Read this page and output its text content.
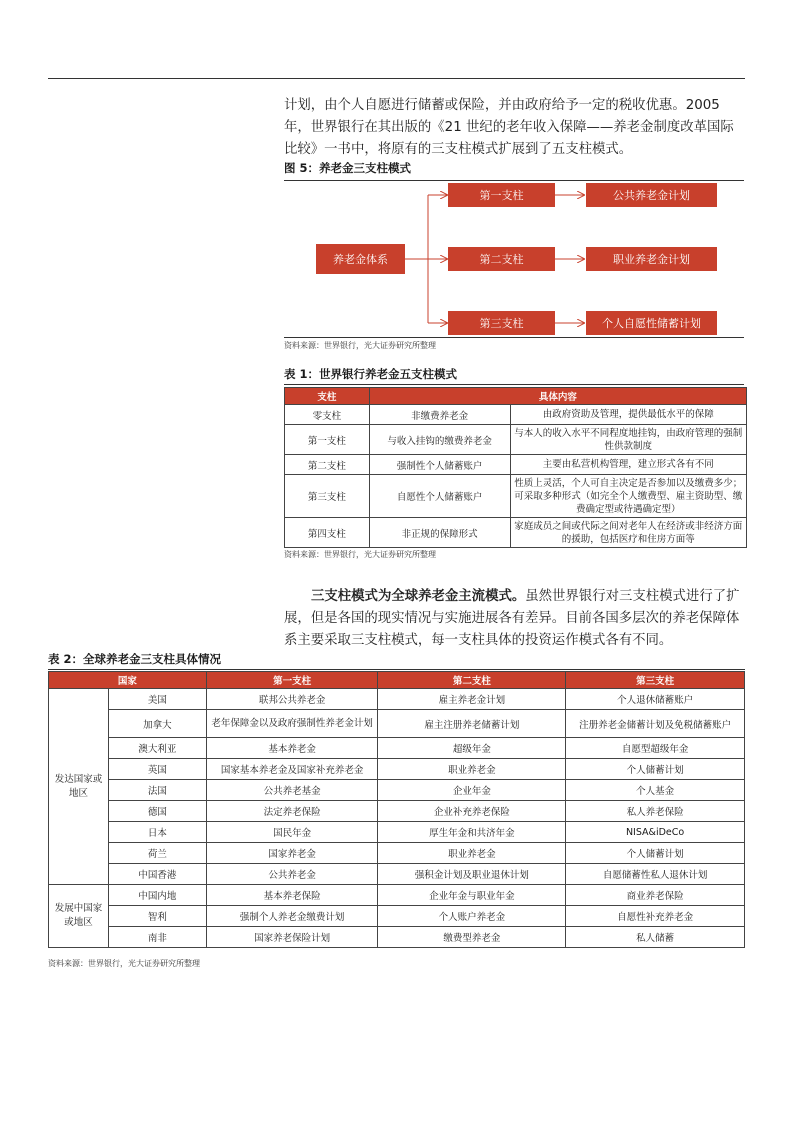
计划，由个人自愿进行储蓄或保险，并由政府给予一定的税收优惠。2005 年，世界银行在其出版的《21 世纪的老年收入保障——养老金制度改革国际比较》一书中，将原有的三支柱模式扩展到了五支柱模式。
图 5：养老金三支柱模式
养老金体系
第一支柱
第二支柱
第三支柱
公共养老金计划
职业养老金计划
个人自愿性储蓄计划
资料来源：世界银行，光大证券研究所整理
表 1：世界银行养老金五支柱模式
支柱	具体内容	
零支柱	非缴费养老金	由政府资助及管理，提供最低水平的保障
第一支柱	与收入挂钩的缴费养老金	与本人的收入水平不同程度地挂钩，由政府管理的强制性供款制度
第二支柱	强制性个人储蓄账户	主要由私营机构管理，建立形式各有不同
第三支柱	自愿性个人储蓄账户	性质上灵活，个人可自主决定是否参加以及缴费多少；可采取多种形式（如完全个人缴费型、雇主资助型、缴费确定型或待遇确定型）
第四支柱	非正规的保障形式	家庭成员之间或代际之间对老年人在经济或非经济方面的援助，包括医疗和住房方面等
资料来源：世界银行，光大证券研究所整理
三支柱模式为全球养老金主流模式。虽然世界银行对三支柱模式进行了扩展，但是各国的现实情况与实施进展各有差异。目前各国多层次的养老保障体系主要采取三支柱模式，每一支柱具体的投资运作模式各有不同。
表 2：全球养老金三支柱具体情况
国家		第一支柱	第二支柱	第三支柱
发达国家或地区	美国	联邦公共养老金	雇主养老金计划	个人退休储蓄账户
	加拿大	老年保障金以及政府强制性养老金计划	雇主注册养老储蓄计划	注册养老金储蓄计划及免税储蓄账户
	澳大利亚	基本养老金	超级年金	自愿型超级年金
	英国	国家基本养老金及国家补充养老金	职业养老金	个人储蓄计划
	法国	公共养老基金	企业年金	个人基金
	德国	法定养老保险	企业补充养老保险	私人养老保险
	日本	国民年金	厚生年金和共济年金	NISA&iDeCo
	荷兰	国家养老金	职业养老金	个人储蓄计划
	中国香港	公共养老金	强积金计划及职业退休计划	自愿储蓄性私人退休计划
发展中国家或地区	中国内地	基本养老保险	企业年金与职业年金	商业养老保险
	智利	强制个人养老金缴费计划	个人账户养老金	自愿性补充养老金
	南非	国家养老保险计划	缴费型养老金	私人储蓄
资料来源：世界银行，光大证券研究所整理
